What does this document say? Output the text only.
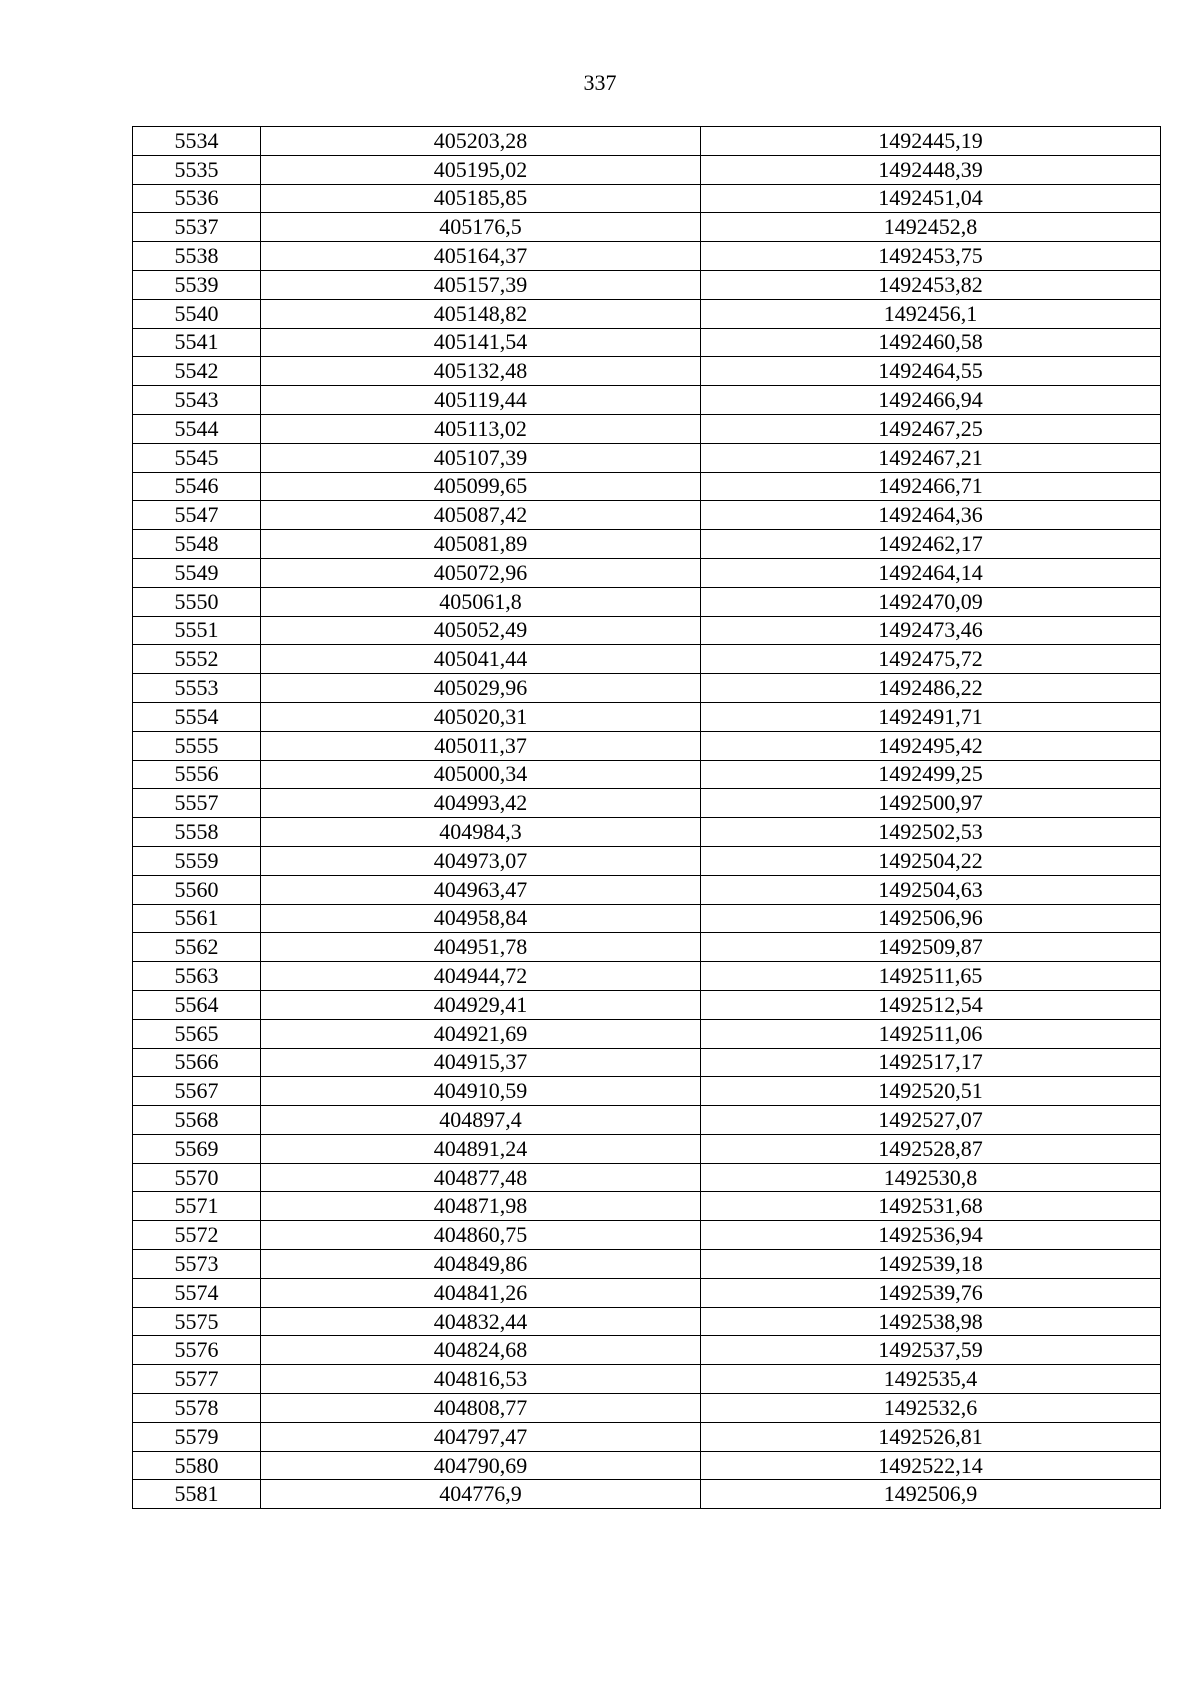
337
5534	405203,28	1492445,19
5535	405195,02	1492448,39
5536	405185,85	1492451,04
5537	405176,5	1492452,8
5538	405164,37	1492453,75
5539	405157,39	1492453,82
5540	405148,82	1492456,1
5541	405141,54	1492460,58
5542	405132,48	1492464,55
5543	405119,44	1492466,94
5544	405113,02	1492467,25
5545	405107,39	1492467,21
5546	405099,65	1492466,71
5547	405087,42	1492464,36
5548	405081,89	1492462,17
5549	405072,96	1492464,14
5550	405061,8	1492470,09
5551	405052,49	1492473,46
5552	405041,44	1492475,72
5553	405029,96	1492486,22
5554	405020,31	1492491,71
5555	405011,37	1492495,42
5556	405000,34	1492499,25
5557	404993,42	1492500,97
5558	404984,3	1492502,53
5559	404973,07	1492504,22
5560	404963,47	1492504,63
5561	404958,84	1492506,96
5562	404951,78	1492509,87
5563	404944,72	1492511,65
5564	404929,41	1492512,54
5565	404921,69	1492511,06
5566	404915,37	1492517,17
5567	404910,59	1492520,51
5568	404897,4	1492527,07
5569	404891,24	1492528,87
5570	404877,48	1492530,8
5571	404871,98	1492531,68
5572	404860,75	1492536,94
5573	404849,86	1492539,18
5574	404841,26	1492539,76
5575	404832,44	1492538,98
5576	404824,68	1492537,59
5577	404816,53	1492535,4
5578	404808,77	1492532,6
5579	404797,47	1492526,81
5580	404790,69	1492522,14
5581	404776,9	1492506,9
